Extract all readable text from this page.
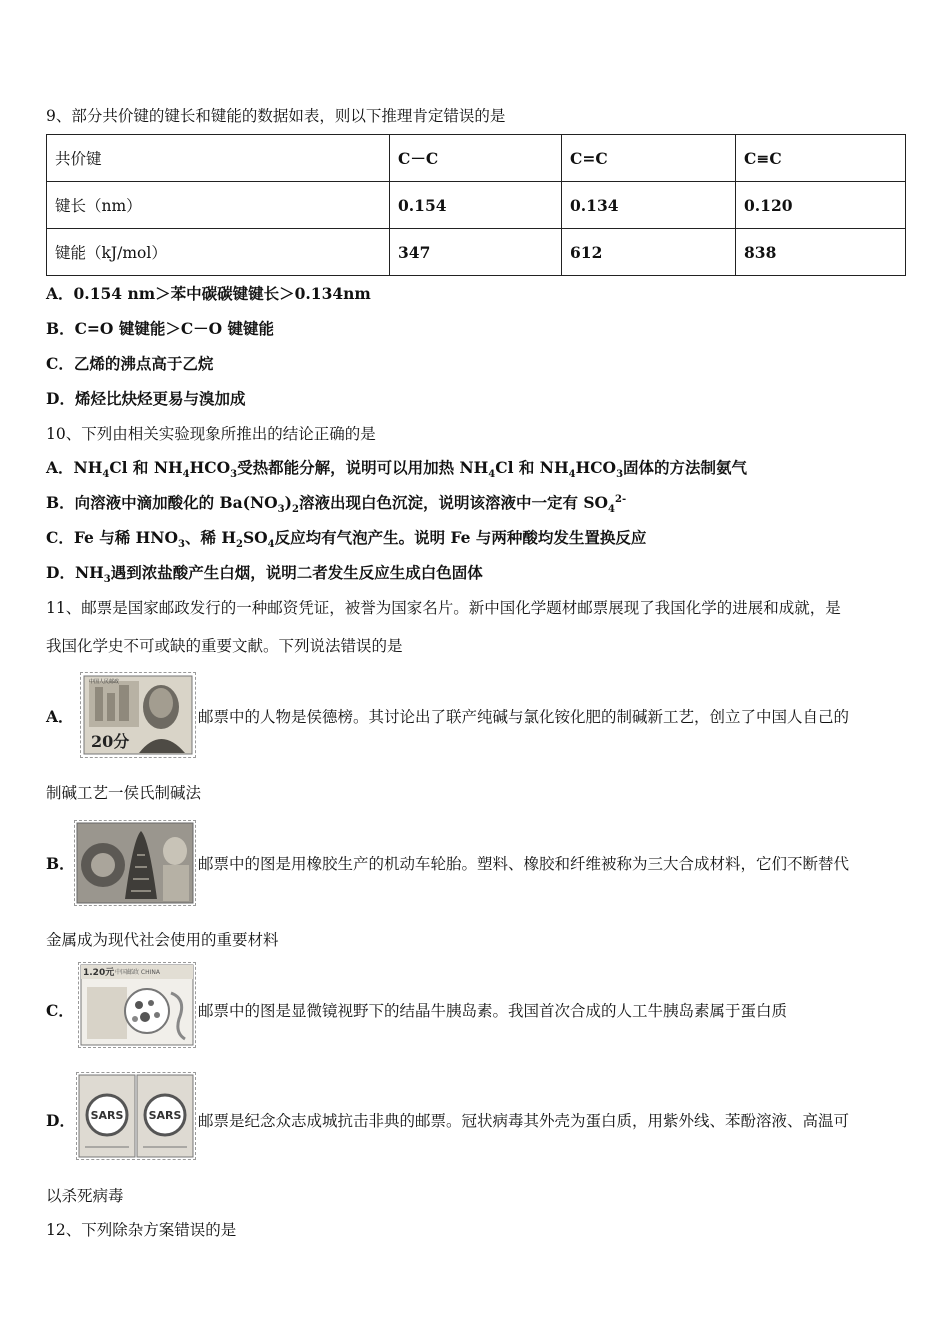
9、部分共价键的键长和键能的数据如表，则以下推理肯定错误的是
共价键	C－C	C=C	C≡C
键长（nm）	0.154	0.134	0.120
键能（kJ/mol）	347	612	838
A．0.154 nm＞苯中碳碳键键长＞0.134nm
B．C=O 键键能＞C－O 键键能
C．乙烯的沸点高于乙烷
D．烯烃比炔烃更易与溴加成
10、下列由相关实验现象所推出的结论正确的是
A．$NH_4Cl$ 和 $NH_4HCO_3$受热都能分解，说明可以用加热 $NH_4Cl$ 和 $NH_4HCO_3$固体的方法制氨气
B．向溶液中滴加酸化的 $Ba(NO_3)_2$溶液出现白色沉淀，说明该溶液中一定有 $SO_4^{2-}$
C．Fe 与稀 $HNO_3$、稀 $H_2SO_4$反应均有气泡产生。说明 Fe 与两种酸均发生置换反应
D．$NH_3$遇到浓盐酸产生白烟，说明二者发生反应生成白色固体
11、邮票是国家邮政发行的一种邮资凭证，被誉为国家名片。新中国化学题材邮票展现了我国化学的进展和成就，是
我国化学史不可或缺的重要文献。下列说法错误的是
A．
20分
中国人民邮政
邮票中的人物是侯德榜。其讨论出了联产纯碱与氯化铵化肥的制碱新工艺，创立了中国人自己的
制碱工艺一侯氏制碱法
B．	邮票中的图是用橡胶生产的机动车轮胎。塑料、橡胶和纤维被称为三大合成材料，它们不断替代
金属成为现代社会使用的重要材料
C．
1.20元 中国邮政 CHINA
邮票中的图是显微镜视野下的结晶牛胰岛素。我国首次合成的人工牛胰岛素属于蛋白质
D． SARS SARS 邮票是纪念众志成城抗击非典的邮票。冠状病毒其外壳为蛋白质，用紫外线、苯酚溶液、高温可
以杀死病毒
12、下列除杂方案错误的是
